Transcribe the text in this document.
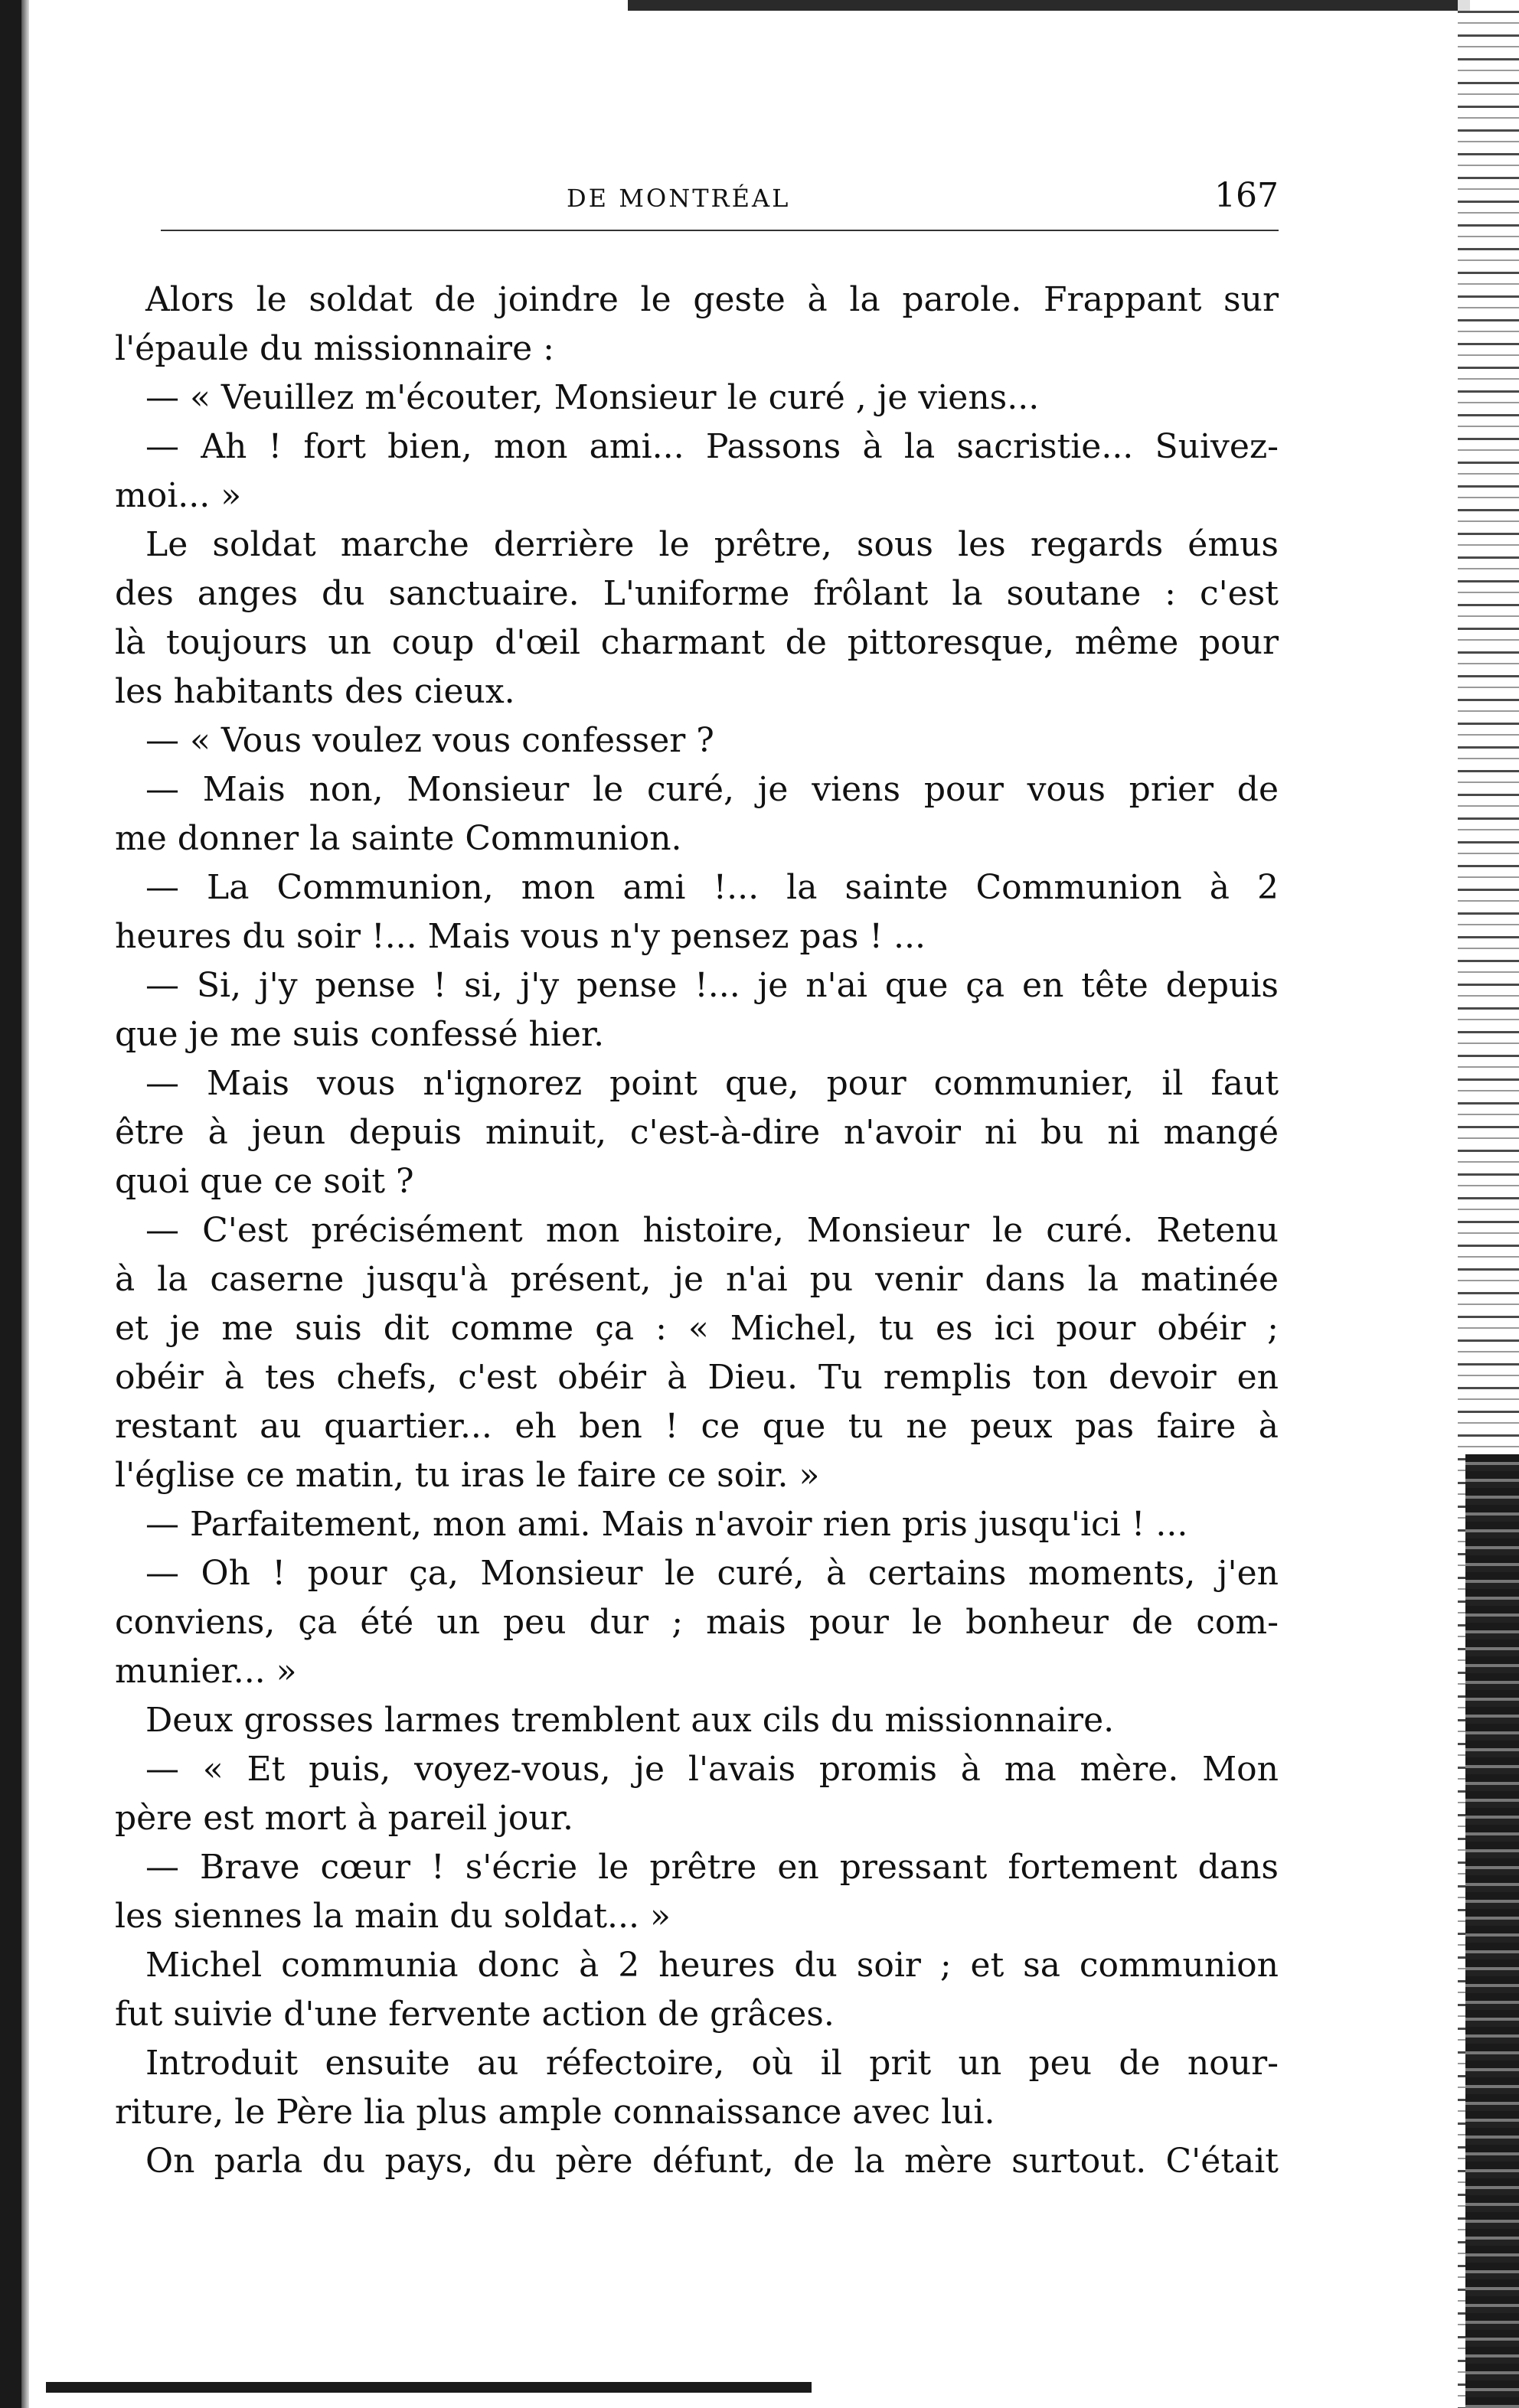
DE MONTRÉAL	167
Alors le soldat de joindre le geste à la parole. Frappant sur
l'épaule du missionnaire :
— « Veuillez m'écouter, Monsieur le curé , je viens...
— Ah ! fort bien, mon ami... Passons à la sacristie... Suivez-
moi... »
Le soldat marche derrière le prêtre, sous les regards émus
des anges du sanctuaire. L'uniforme frôlant la soutane : c'est
là toujours un coup d'œil charmant de pittoresque, même pour
les habitants des cieux.
— « Vous voulez vous confesser ?
— Mais non, Monsieur le curé, je viens pour vous prier de
me donner la sainte Communion.
— La Communion, mon ami !... la sainte Communion à 2
heures du soir !... Mais vous n'y pensez pas ! ...
— Si, j'y pense ! si, j'y pense !... je n'ai que ça en tête depuis
que je me suis confessé hier.
— Mais vous n'ignorez point que, pour communier, il faut
être à jeun depuis minuit, c'est-à-dire n'avoir ni bu ni mangé
quoi que ce soit ?
— C'est précisément mon histoire, Monsieur le curé. Retenu
à la caserne jusqu'à présent, je n'ai pu venir dans la matinée
et je me suis dit comme ça : « Michel, tu es ici pour obéir ;
obéir à tes chefs, c'est obéir à Dieu. Tu remplis ton devoir en
restant au quartier... eh ben ! ce que tu ne peux pas faire à
l'église ce matin, tu iras le faire ce soir. »
— Parfaitement, mon ami. Mais n'avoir rien pris jusqu'ici ! ...
— Oh ! pour ça, Monsieur le curé, à certains moments, j'en
conviens, ça été un peu dur ; mais pour le bonheur de com-
munier... »
Deux grosses larmes tremblent aux cils du missionnaire.
— « Et puis, voyez-vous, je l'avais promis à ma mère. Mon
père est mort à pareil jour.
— Brave cœur ! s'écrie le prêtre en pressant fortement dans
les siennes la main du soldat... »
Michel communia donc à 2 heures du soir ; et sa communion
fut suivie d'une fervente action de grâces.
Introduit ensuite au réfectoire, où il prit un peu de nour-
riture, le Père lia plus ample connaissance avec lui.
On parla du pays, du père défunt, de la mère surtout. C'était
